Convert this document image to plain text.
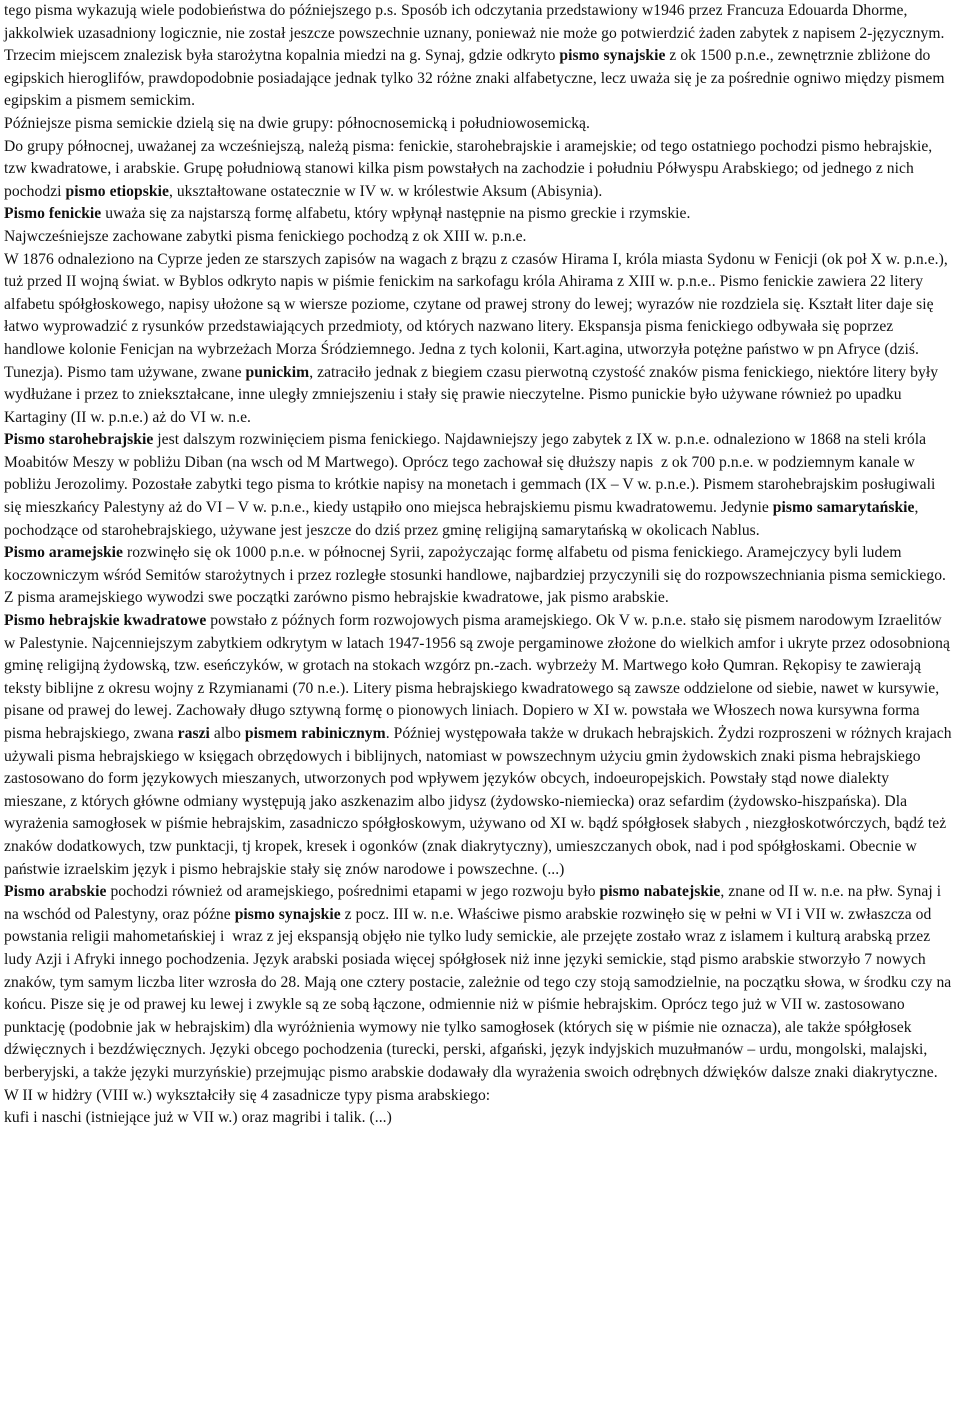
tego pisma wykazują wiele podobieństwa do późniejszego p.s. Sposób ich odczytania przedstawiony w1946 przez Francuza Edouarda Dhorme, jakkolwiek uzasadniony logicznie, nie został jeszcze powszechnie uznany, ponieważ nie może go potwierdzić żaden zabytek z napisem 2-języcznym. Trzecim miejscem znalezisk była starożytna kopalnia miedzi na g. Synaj, gdzie odkryto pismo synajskie z ok 1500 p.n.e., zewnętrznie zbliżone do egipskich hieroglifów, prawdopodobnie posiadające jednak tylko 32 różne znaki alfabetyczne, lecz uważa się je za pośrednie ogniwo między pismem egipskim a pismem semickim.

Późniejsze pisma semickie dzielą się na dwie grupy: północnosemicką i południowosemicką.

Do grupy północnej, uważanej za wcześniejszą, należą pisma: fenickie, starohebrajskie i aramejskie; od tego ostatniego pochodzi pismo hebrajskie, tzw kwadratowe, i arabskie. Grupę południową stanowi kilka pism powstałych na zachodzie i południu Półwyspu Arabskiego; od jednego z nich pochodzi pismo etiopskie, ukształtowane ostatecznie w IV w. w królestwie Aksum (Abisynia).

Pismo fenickie uważa się za najstarszą formę alfabetu, który wpłynął następnie na pismo greckie i rzymskie.

Najwcześniejsze zachowane zabytki pisma fenickiego pochodzą z ok XIII w. p.n.e.

W 1876 odnaleziono na Cyprze jeden ze starszych zapisów na wagach z brązu z czasów Hirama I, króla miasta Sydonu w Fenicji (ok poł X w. p.n.e.), tuż przed II wojną świat. w Byblos odkryto napis w piśmie fenickim na sarkofagu króla Ahirama z XIII w. p.n.e.. Pismo fenickie zawiera 22 litery alfabetu spółgłoskowego, napisy ułożone są w wiersze poziome, czytane od prawej strony do lewej; wyrazów nie rozdziela się. Kształt liter daje się łatwo wyprowadzić z rysunków przedstawiających przedmioty, od których nazwano litery. Ekspansja pisma fenickiego odbywała się poprzez handlowe kolonie Fenicjan na wybrzeżach Morza Śródziemnego. Jedna z tych kolonii, Kart.agina, utworzyła potężne państwo w pn Afryce (dziś. Tunezja). Pismo tam używane, zwane punickim, zatraciło jednak z biegiem czasu pierwotną czystość znaków pisma fenickiego, niektóre litery były wydłużane i przez to zniekształcane, inne uległy zmniejszeniu i stały się prawie nieczytelne. Pismo punickie było używane również po upadku Kartaginy (II w. p.n.e.) aż do VI w. n.e.

Pismo starohebrajskie jest dalszym rozwinięciem pisma fenickiego. Najdawniejszy jego zabytek z IX w. p.n.e. odnaleziono w 1868 na steli króla Moabitów Meszy w pobliżu Diban (na wsch od M Martwego). Oprócz tego zachował się dłuższy napis  z ok 700 p.n.e. w podziemnym kanale w pobliżu Jerozolimy. Pozostałe zabytki tego pisma to krótkie napisy na monetach i gemmach (IX – V w. p.n.e.). Pismem starohebrajskim posługiwali się mieszkańcy Palestyny aż do VI – V w. p.n.e., kiedy ustąpiło ono miejsca hebrajskiemu pismu kwadratowemu. Jedynie pismo samarytańskie, pochodzące od starohebrajskiego, używane jest jeszcze do dziś przez gminę religijną samarytańską w okolicach Nablus.

Pismo aramejskie rozwinęło się ok 1000 p.n.e. w północnej Syrii, zapożyczając formę alfabetu od pisma fenickiego. Aramejczycy byli ludem koczowniczym wśród Semitów starożytnych i przez rozległe stosunki handlowe, najbardziej przyczynili się do rozpowszechniania pisma semickiego. Z pisma aramejskiego wywodzi swe początki zarówno pismo hebrajskie kwadratowe, jak pismo arabskie.

Pismo hebrajskie kwadratowe powstało z późnych form rozwojowych pisma aramejskiego. Ok V w. p.n.e. stało się pismem narodowym Izraelitów w Palestynie. Najcenniejszym zabytkiem odkrytym w latach 1947-1956 są zwoje pergaminowe złożone do wielkich amfor i ukryte przez odosobnioną gminę religijną żydowską, tzw. eseńczyków, w grotach na stokach wzgórz pn.-zach. wybrzeży M. Martwego koło Qumran. Rękopisy te zawierają teksty biblijne z okresu wojny z Rzymianami (70 n.e.). Litery pisma hebrajskiego kwadratowego są zawsze oddzielone od siebie, nawet w kursywie, pisane od prawej do lewej. Zachowały długo sztywną formę o pionowych liniach. Dopiero w XI w. powstała we Włoszech nowa kursywna forma pisma hebrajskiego, zwana raszi albo pismem rabinicznym. Później występowała także w drukach hebrajskich. Żydzi rozproszeni w różnych krajach używali pisma hebrajskiego w księgach obrzędowych i biblijnych, natomiast w powszechnym użyciu gmin żydowskich znaki pisma hebrajskiego zastosowano do form językowych mieszanych, utworzonych pod wpływem języków obcych, indoeuropejskich. Powstały stąd nowe dialekty mieszane, z których główne odmiany występują jako aszkenazim albo jidysz (żydowsko-niemiecka) oraz sefardim (żydowsko-hiszpańska). Dla wyrażenia samogłosek w piśmie hebrajskim, zasadniczo spółgłoskowym, używano od XI w. bądź spółgłosek słabych , niezgłoskotwórczych, bądź też znaków dodatkowych, tzw punktacji, tj kropek, kresek i ogonków (znak diakrytyczny), umieszczanych obok, nad i pod spółgłoskami. Obecnie w państwie izraelskim język i pismo hebrajskie stały się znów narodowe i powszechne. (...)

Pismo arabskie pochodzi również od aramejskiego, pośrednimi etapami w jego rozwoju było pismo nabatejskie, znane od II w. n.e. na płw. Synaj i na wschód od Palestyny, oraz późne pismo synajskie z pocz. III w. n.e. Właściwe pismo arabskie rozwinęło się w pełni w VI i VII w. zwłaszcza od powstania religii mahometańskiej i  wraz z jej ekspansją objęło nie tylko ludy semickie, ale przejęte zostało wraz z islamem i kulturą arabską przez ludy Azji i Afryki innego pochodzenia. Język arabski posiada więcej spółgłosek niż inne języki semickie, stąd pismo arabskie stworzyło 7 nowych znaków, tym samym liczba liter wzrosła do 28. Mają one cztery postacie, zależnie od tego czy stoją samodzielnie, na początku słowa, w środku czy na końcu. Pisze się je od prawej ku lewej i zwykle są ze sobą łączone, odmiennie niż w piśmie hebrajskim. Oprócz tego już w VII w. zastosowano punktację (podobnie jak w hebrajskim) dla wyróżnienia wymowy nie tylko samogłosek (których się w piśmie nie oznacza), ale także spółgłosek dźwięcznych i bezdźwięcznych. Języki obcego pochodzenia (turecki, perski, afgański, język indyjskich muzułmanów – urdu, mongolski, malajski, berberyjski, a także języki murzyńskie) przejmując pismo arabskie dodawały dla wyrażenia swoich odrębnych dźwięków dalsze znaki diakrytyczne. W II w hidżry (VIII w.) wykształciły się 4 zasadnicze typy pisma arabskiego:

kufi i naschi (istniejące już w VII w.) oraz magribi i talik. (...)
